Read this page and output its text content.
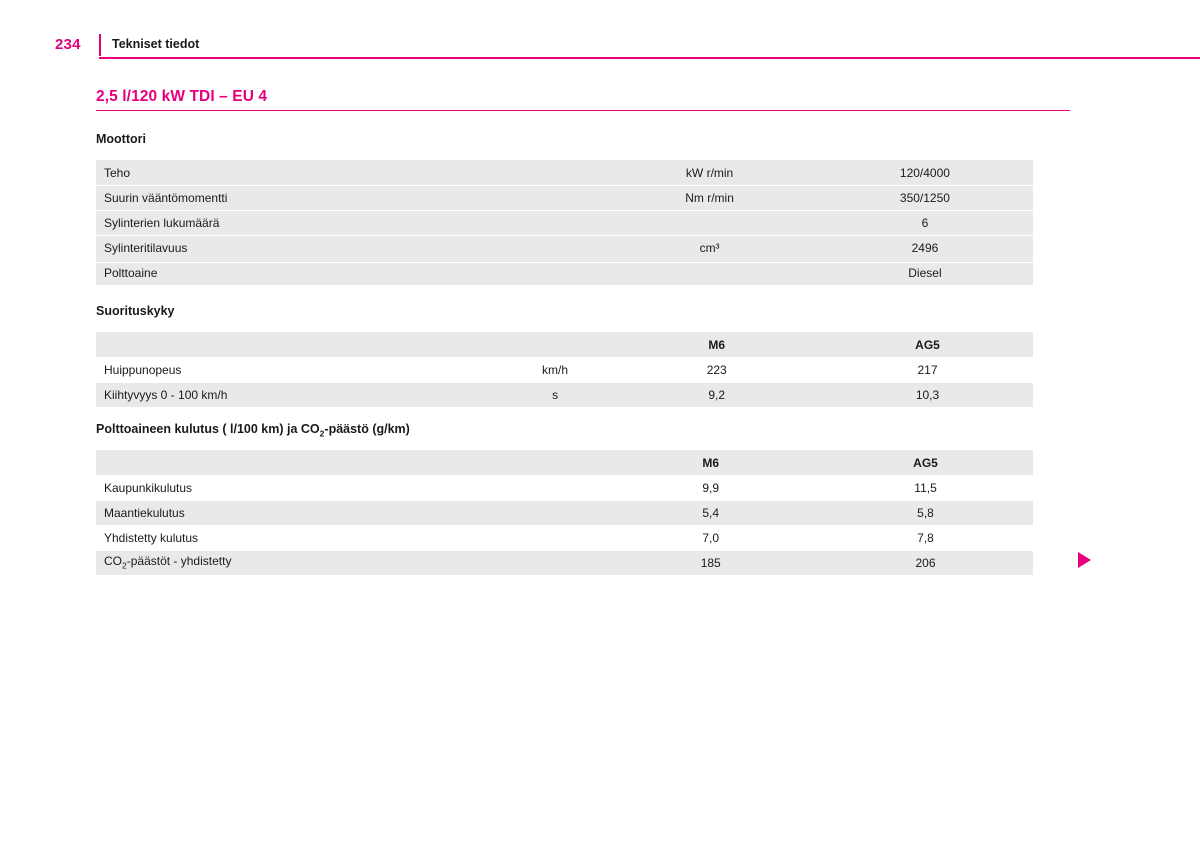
234	Tekniset tiedot
2,5 l/120 kW TDI – EU 4
Moottori
Teho	kW r/min	120/4000
Suurin vääntömomentti	Nm r/min	350/1250
Sylinterien lukumäärä		6
Sylinteritilavuus	cm³	2496
Polttoaine		Diesel
Suorituskyky
		M6	AG5
Huippunopeus	km/h	223	217
Kiihtyvyys 0 - 100 km/h	s	9,2	10,3
Polttoaineen kulutus ( l/100 km) ja $CO_2$-päästö (g/km)
	M6	AG5
Kaupunkikulutus	9,9	11,5
Maantiekulutus	5,4	5,8
Yhdistetty kulutus	7,0	7,8
$CO_2$-päästöt - yhdistetty	185	206
